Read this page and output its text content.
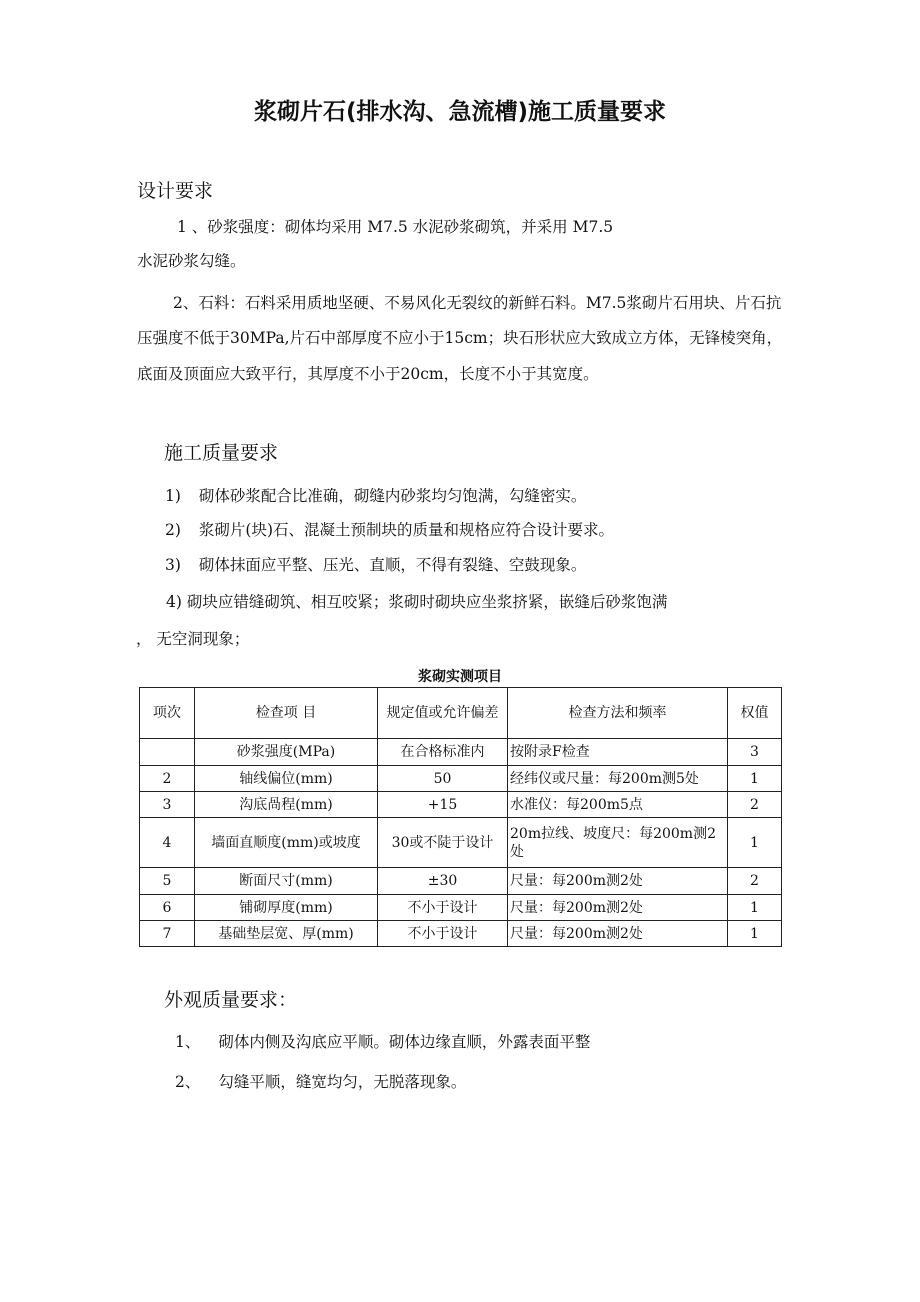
浆砌片石(排水沟、急流槽)施工质量要求
设计要求
1 、砂浆强度：砌体均采用 M7.5 水泥砂浆砌筑，并采用 M7.5
水泥砂浆勾缝。
2、石料：石料采用质地坚硬、不易风化无裂纹的新鲜石料。M7.5浆砌片石用块、片石抗压强度不低于30MPa,片石中部厚度不应小于15cm；块石形状应大致成立方体，无锋棱突角，底面及顶面应大致平行，其厚度不小于20cm，长度不小于其宽度。
施工质量要求
1) 砌体砂浆配合比准确，砌缝内砂浆均匀饱满，勾缝密实。
2) 浆砌片(块)石、混凝土预制块的质量和规格应符合设计要求。
3) 砌体抹面应平整、压光、直顺，不得有裂缝、空鼓现象。
4) 砌块应错缝砌筑、相互咬紧；浆砌时砌块应坐浆挤紧，嵌缝后砂浆饱满
， 无空洞现象；
浆砌实测项目
项次	检查项 目	规定值或允许偏差	检查方法和频率	权值
	砂浆强度(MPa)	在合格标准内	按附录F检查	3
2	轴线偏位(mm)	50	经纬仪或尺量：每200m测5处	1
3	沟底咼程(mm)	+15	水准仪：每200m5点	2
4	墙面直顺度(mm)或坡度	30或不陡于设计	20m拉线、坡度尺：每200m测2处	1
5	断面尺寸(mm)	±30	尺量：每200m测2处	2
6	铺砌厚度(mm)	不小于设计	尺量：每200m测2处	1
7	基础垫层宽、厚(mm)	不小于设计	尺量：每200m测2处	1
外观质量要求：
1、 砌体内侧及沟底应平顺。砌体边缘直顺，外露表面平整
2、 勾缝平顺，缝宽均匀，无脱落现象。
